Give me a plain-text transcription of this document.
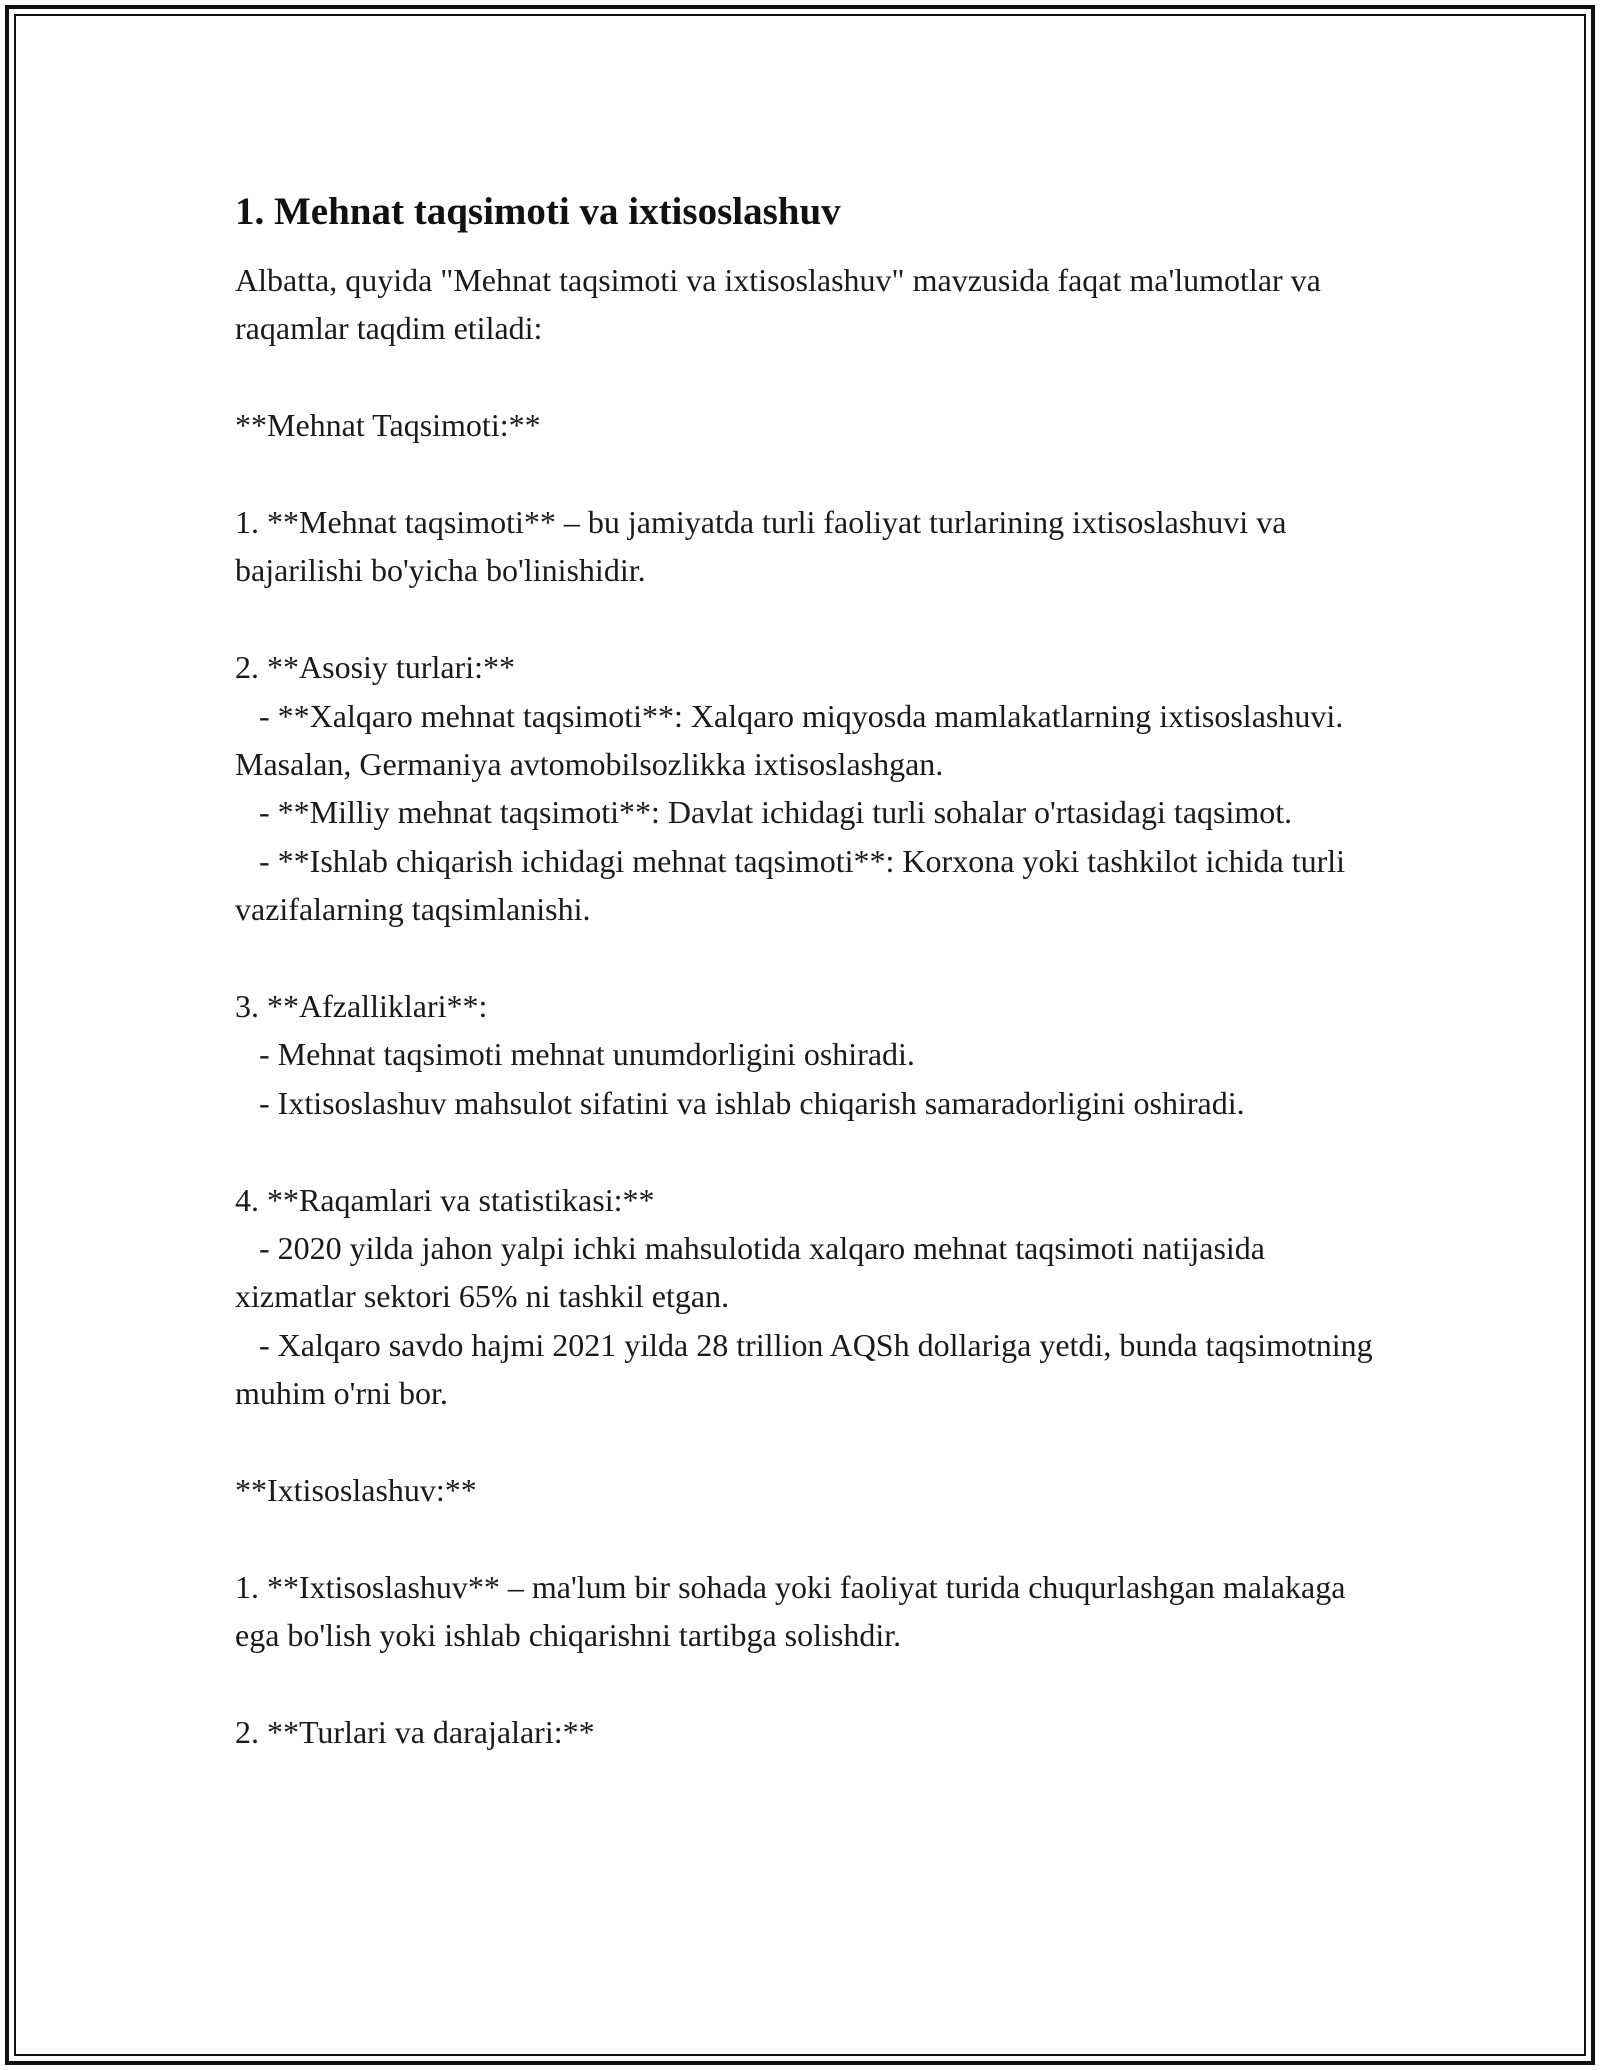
1. Mehnat taqsimoti va ixtisoslashuv

Albatta, quyida "Mehnat taqsimoti va ixtisoslashuv" mavzusida faqat ma'lumotlar va raqamlar taqdim etiladi:

**Mehnat Taqsimoti:**

1. **Mehnat taqsimoti** – bu jamiyatda turli faoliyat turlarining ixtisoslashuvi va bajarilishi bo'yicha bo'linishidir.

2. **Asosiy turlari:**

- **Xalqaro mehnat taqsimoti**: Xalqaro miqyosda mamlakatlarning ixtisoslashuvi. Masalan, Germaniya avtomobilsozlikka ixtisoslashgan.

- **Milliy mehnat taqsimoti**: Davlat ichidagi turli sohalar o'rtasidagi taqsimot.

- **Ishlab chiqarish ichidagi mehnat taqsimoti**: Korxona yoki tashkilot ichida turli vazifalarning taqsimlanishi.

3. **Afzalliklari**:

- Mehnat taqsimoti mehnat unumdorligini oshiradi.

- Ixtisoslashuv mahsulot sifatini va ishlab chiqarish samaradorligini oshiradi.

4. **Raqamlari va statistikasi:**

- 2020 yilda jahon yalpi ichki mahsulotida xalqaro mehnat taqsimoti natijasida xizmatlar sektori 65% ni tashkil etgan.

- Xalqaro savdo hajmi 2021 yilda 28 trillion AQSh dollariga yetdi, bunda taqsimotning muhim o'rni bor.

**Ixtisoslashuv:**

1. **Ixtisoslashuv** – ma'lum bir sohada yoki faoliyat turida chuqurlashgan malakaga ega bo'lish yoki ishlab chiqarishni tartibga solishdir.

2. **Turlari va darajalari:**
